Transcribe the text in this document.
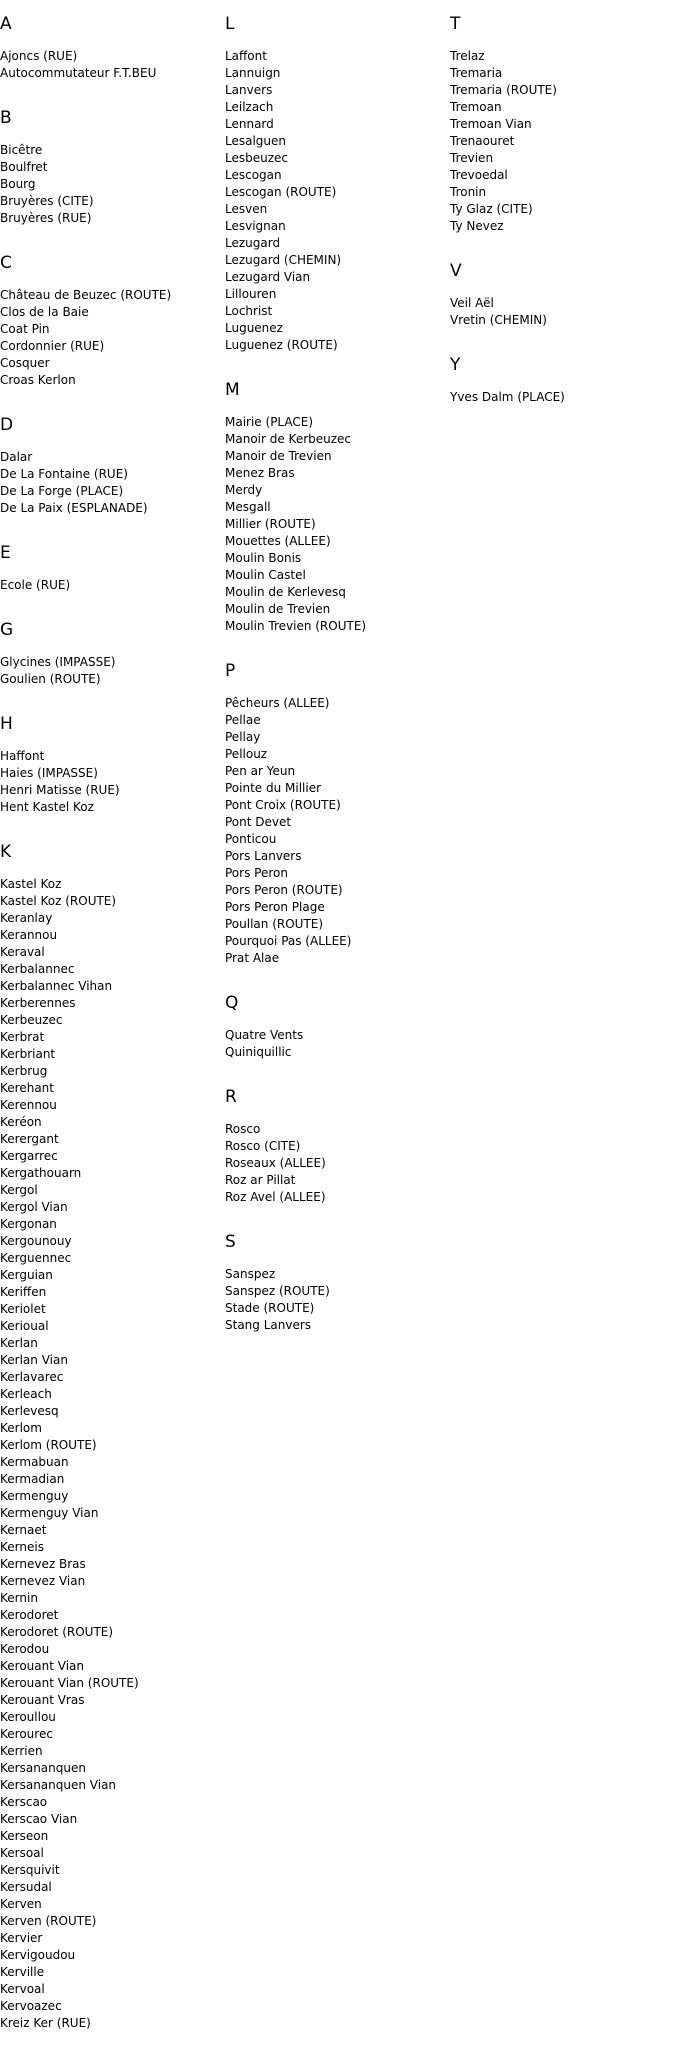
A
Ajoncs (RUE)
Autocommutateur F.T.BEU
B
Bicêtre
Boulfret
Bourg
Bruyères (CITE)
Bruyères (RUE)
C
Château de Beuzec (ROUTE)
Clos de la Baie
Coat Pin
Cordonnier (RUE)
Cosquer
Croas Kerlon
D
Dalar
De La Fontaine (RUE)
De La Forge (PLACE)
De La Paix (ESPLANADE)
E
Ecole (RUE)
G
Glycines (IMPASSE)
Goulien (ROUTE)
H
Haffont
Haies (IMPASSE)
Henri Matisse (RUE)
Hent Kastel Koz
K
Kastel Koz
Kastel Koz (ROUTE)
Keranlay
Kerannou
Keraval
Kerbalannec
Kerbalannec Vihan
Kerberennes
Kerbeuzec
Kerbrat
Kerbriant
Kerbrug
Kerehant
Kerennou
Keréon
Kerergant
Kergarrec
Kergathouarn
Kergol
Kergol Vian
Kergonan
Kergounouy
Kerguennec
Kerguian
Keriffen
Keriolet
Kerioual
Kerlan
Kerlan Vian
Kerlavarec
Kerleach
Kerlevesq
Kerlom
Kerlom (ROUTE)
Kermabuan
Kermadian
Kermenguy
Kermenguy Vian
Kernaet
Kerneis
Kernevez Bras
Kernevez Vian
Kernin
Kerodoret
Kerodoret (ROUTE)
Kerodou
Kerouant Vian
Kerouant Vian (ROUTE)
Kerouant Vras
Keroullou
Kerourec
Kerrien
Kersananquen
Kersananquen Vian
Kerscao
Kerscao Vian
Kerseon
Kersoal
Kersquivit
Kersudal
Kerven
Kerven (ROUTE)
Kervier
Kervigoudou
Kerville
Kervoal
Kervoazec
Kreiz Ker (RUE)
L
Laffont
Lannuign
Lanvers
Leilzach
Lennard
Lesalguen
Lesbeuzec
Lescogan
Lescogan (ROUTE)
Lesven
Lesvignan
Lezugard
Lezugard (CHEMIN)
Lezugard Vian
Lillouren
Lochrist
Luguenez
Luguenez (ROUTE)
M
Mairie (PLACE)
Manoir de Kerbeuzec
Manoir de Trevien
Menez Bras
Merdy
Mesgall
Millier (ROUTE)
Mouettes (ALLEE)
Moulin Bonis
Moulin Castel
Moulin de Kerlevesq
Moulin de Trevien
Moulin Trevien (ROUTE)
P
Pêcheurs (ALLEE)
Pellae
Pellay
Pellouz
Pen ar Yeun
Pointe du Millier
Pont Croix (ROUTE)
Pont Devet
Ponticou
Pors Lanvers
Pors Peron
Pors Peron (ROUTE)
Pors Peron Plage
Poullan (ROUTE)
Pourquoi Pas (ALLEE)
Prat Alae
Q
Quatre Vents
Quiniquillic
R
Rosco
Rosco (CITE)
Roseaux (ALLEE)
Roz ar Pillat
Roz Avel (ALLEE)
S
Sanspez
Sanspez (ROUTE)
Stade (ROUTE)
Stang Lanvers
T
Trelaz
Tremaria
Tremaria (ROUTE)
Tremoan
Tremoan Vian
Trenaouret
Trevien
Trevoedal
Tronin
Ty Glaz (CITE)
Ty Nevez
V
Veil Aël
Vretin (CHEMIN)
Y
Yves Dalm (PLACE)
